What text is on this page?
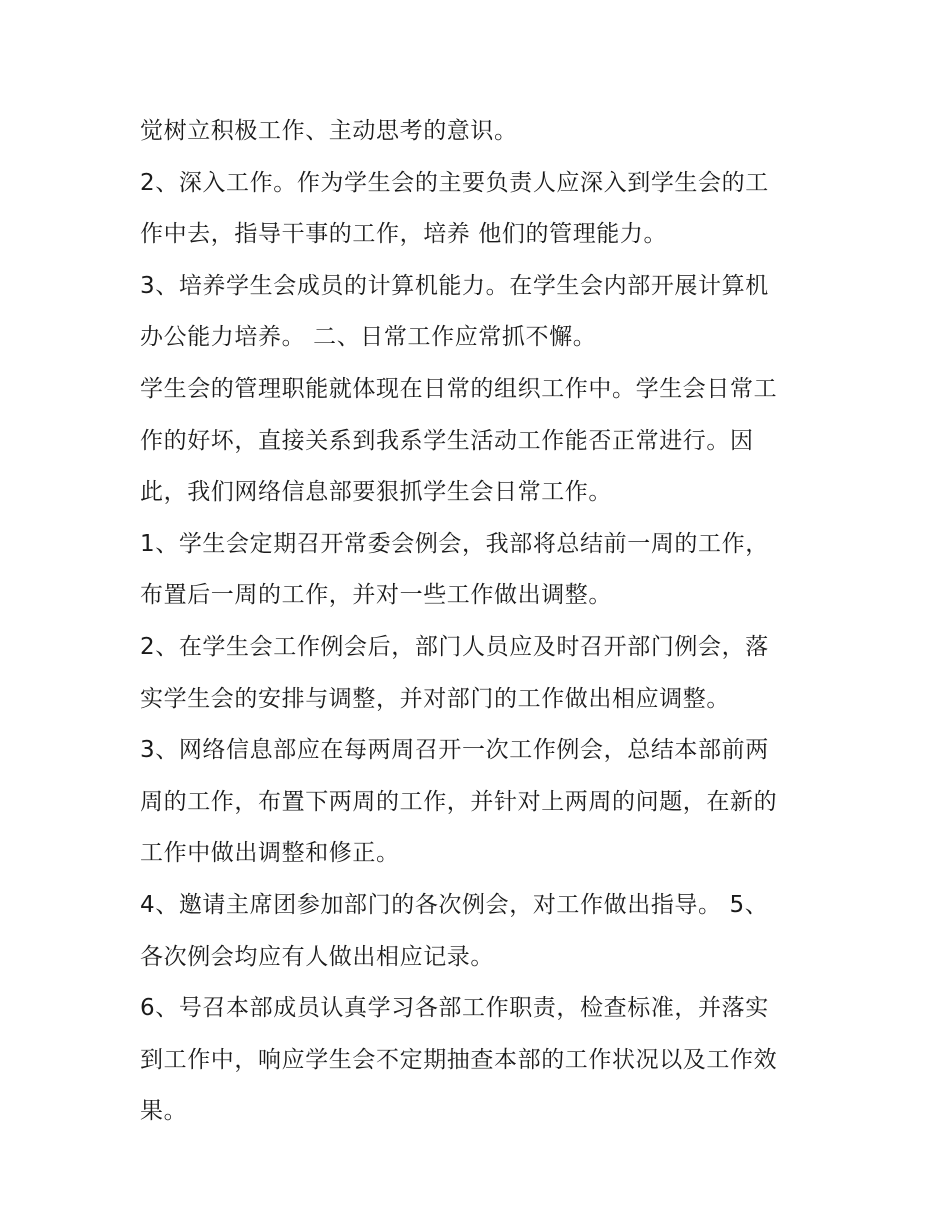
觉树立积极工作、主动思考的意识。
2、深入工作。作为学生会的主要负责人应深入到学生会的工
作中去，指导干事的工作，培养 他们的管理能力。
3、培养学生会成员的计算机能力。在学生会内部开展计算机
办公能力培养。 二、日常工作应常抓不懈。
学生会的管理职能就体现在日常的组织工作中。学生会日常工
作的好坏，直接关系到我系学生活动工作能否正常进行。因
此，我们网络信息部要狠抓学生会日常工作。
1、学生会定期召开常委会例会，我部将总结前一周的工作，
布置后一周的工作，并对一些工作做出调整。
2、在学生会工作例会后，部门人员应及时召开部门例会，落
实学生会的安排与调整，并对部门的工作做出相应调整。
3、网络信息部应在每两周召开一次工作例会，总结本部前两
周的工作，布置下两周的工作，并针对上两周的问题，在新的
工作中做出调整和修正。
4、邀请主席团参加部门的各次例会，对工作做出指导。 5、
各次例会均应有人做出相应记录。
6、号召本部成员认真学习各部工作职责，检查标准，并落实
到工作中，响应学生会不定期抽查本部的工作状况以及工作效
果。
